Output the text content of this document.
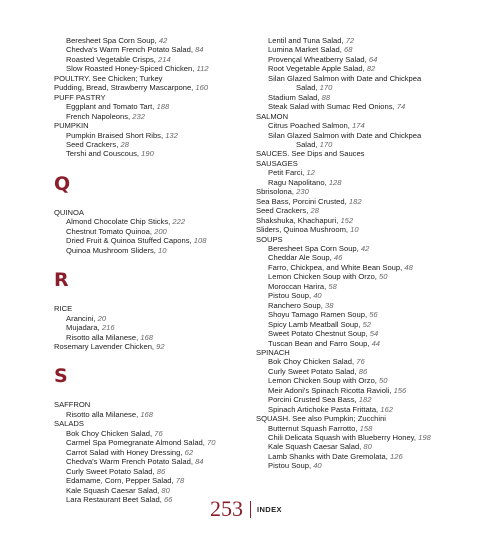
Beresheet Spa Corn Soup, 42
Chedva's Warm French Potato Salad, 84
Roasted Vegetable Crisps, 214
Slow Roasted Honey-Spiced Chicken, 112
POULTRY. See Chicken; Turkey
Pudding, Bread, Strawberry Mascarpone, 160
PUFF PASTRY
Eggplant and Tomato Tart, 188
French Napoleons, 232
PUMPKIN
Pumpkin Braised Short Ribs, 132
Seed Crackers, 28
Tershi and Couscous, 190
Q
QUINOA
Almond Chocolate Chip Sticks, 222
Chestnut Tomato Quinoa, 200
Dried Fruit & Quinoa Stuffed Capons, 108
Quinoa Mushroom Sliders, 10
R
RICE
Arancini, 20
Mujadara, 216
Risotto alla Milanese, 168
Rosemary Lavender Chicken, 92
S
SAFFRON
Risotto alla Milanese, 168
SALADS
Bok Choy Chicken Salad, 76
Carmel Spa Pomegranate Almond Salad, 70
Carrot Salad with Honey Dressing, 62
Chedva's Warm French Potato Salad, 84
Curly Sweet Potato Salad, 86
Edamame, Corn, Pepper Salad, 78
Kale Squash Caesar Salad, 80
Lara Restaurant Beet Salad, 66
Lentil and Tuna Salad, 72
Lumina Market Salad, 68
Provençal Wheatberry Salad, 64
Root Vegetable Apple Salad, 82
Silan Glazed Salmon with Date and Chickpea
Salad, 170
Stadium Salad, 88
Steak Salad with Sumac Red Onions, 74
SALMON
Citrus Poached Salmon, 174
Silan Glazed Salmon with Date and Chickpea
Salad, 170
SAUCES. See Dips and Sauces
SAUSAGES
Petit Farci, 12
Ragu Napolitano, 128
Sbrisolona, 230
Sea Bass, Porcini Crusted, 182
Seed Crackers, 28
Shakshuka, Khachapuri, 152
Sliders, Quinoa Mushroom, 10
SOUPS
Beresheet Spa Corn Soup, 42
Cheddar Ale Soup, 46
Farro, Chickpea, and White Bean Soup, 48
Lemon Chicken Soup with Orzo, 50
Moroccan Harira, 58
Pistou Soup, 40
Ranchero Soup, 38
Shoyu Tamago Ramen Soup, 56
Spicy Lamb Meatball Soup, 52
Sweet Potato Chestnut Soup, 54
Tuscan Bean and Farro Soup, 44
SPINACH
Bok Choy Chicken Salad, 76
Curly Sweet Potato Salad, 86
Lemon Chicken Soup with Orzo, 50
Meir Adoni's Spinach Ricotta Ravioli, 156
Porcini Crusted Sea Bass, 182
Spinach Artichoke Pasta Frittata, 162
SQUASH. See also Pumpkin; Zucchini
Butternut Squash Farrotto, 158
Chili Delicata Squash with Blueberry Honey, 198
Kale Squash Caesar Salad, 80
Lamb Shanks with Date Gremolata, 126
Pistou Soup, 40
253 INDEX
